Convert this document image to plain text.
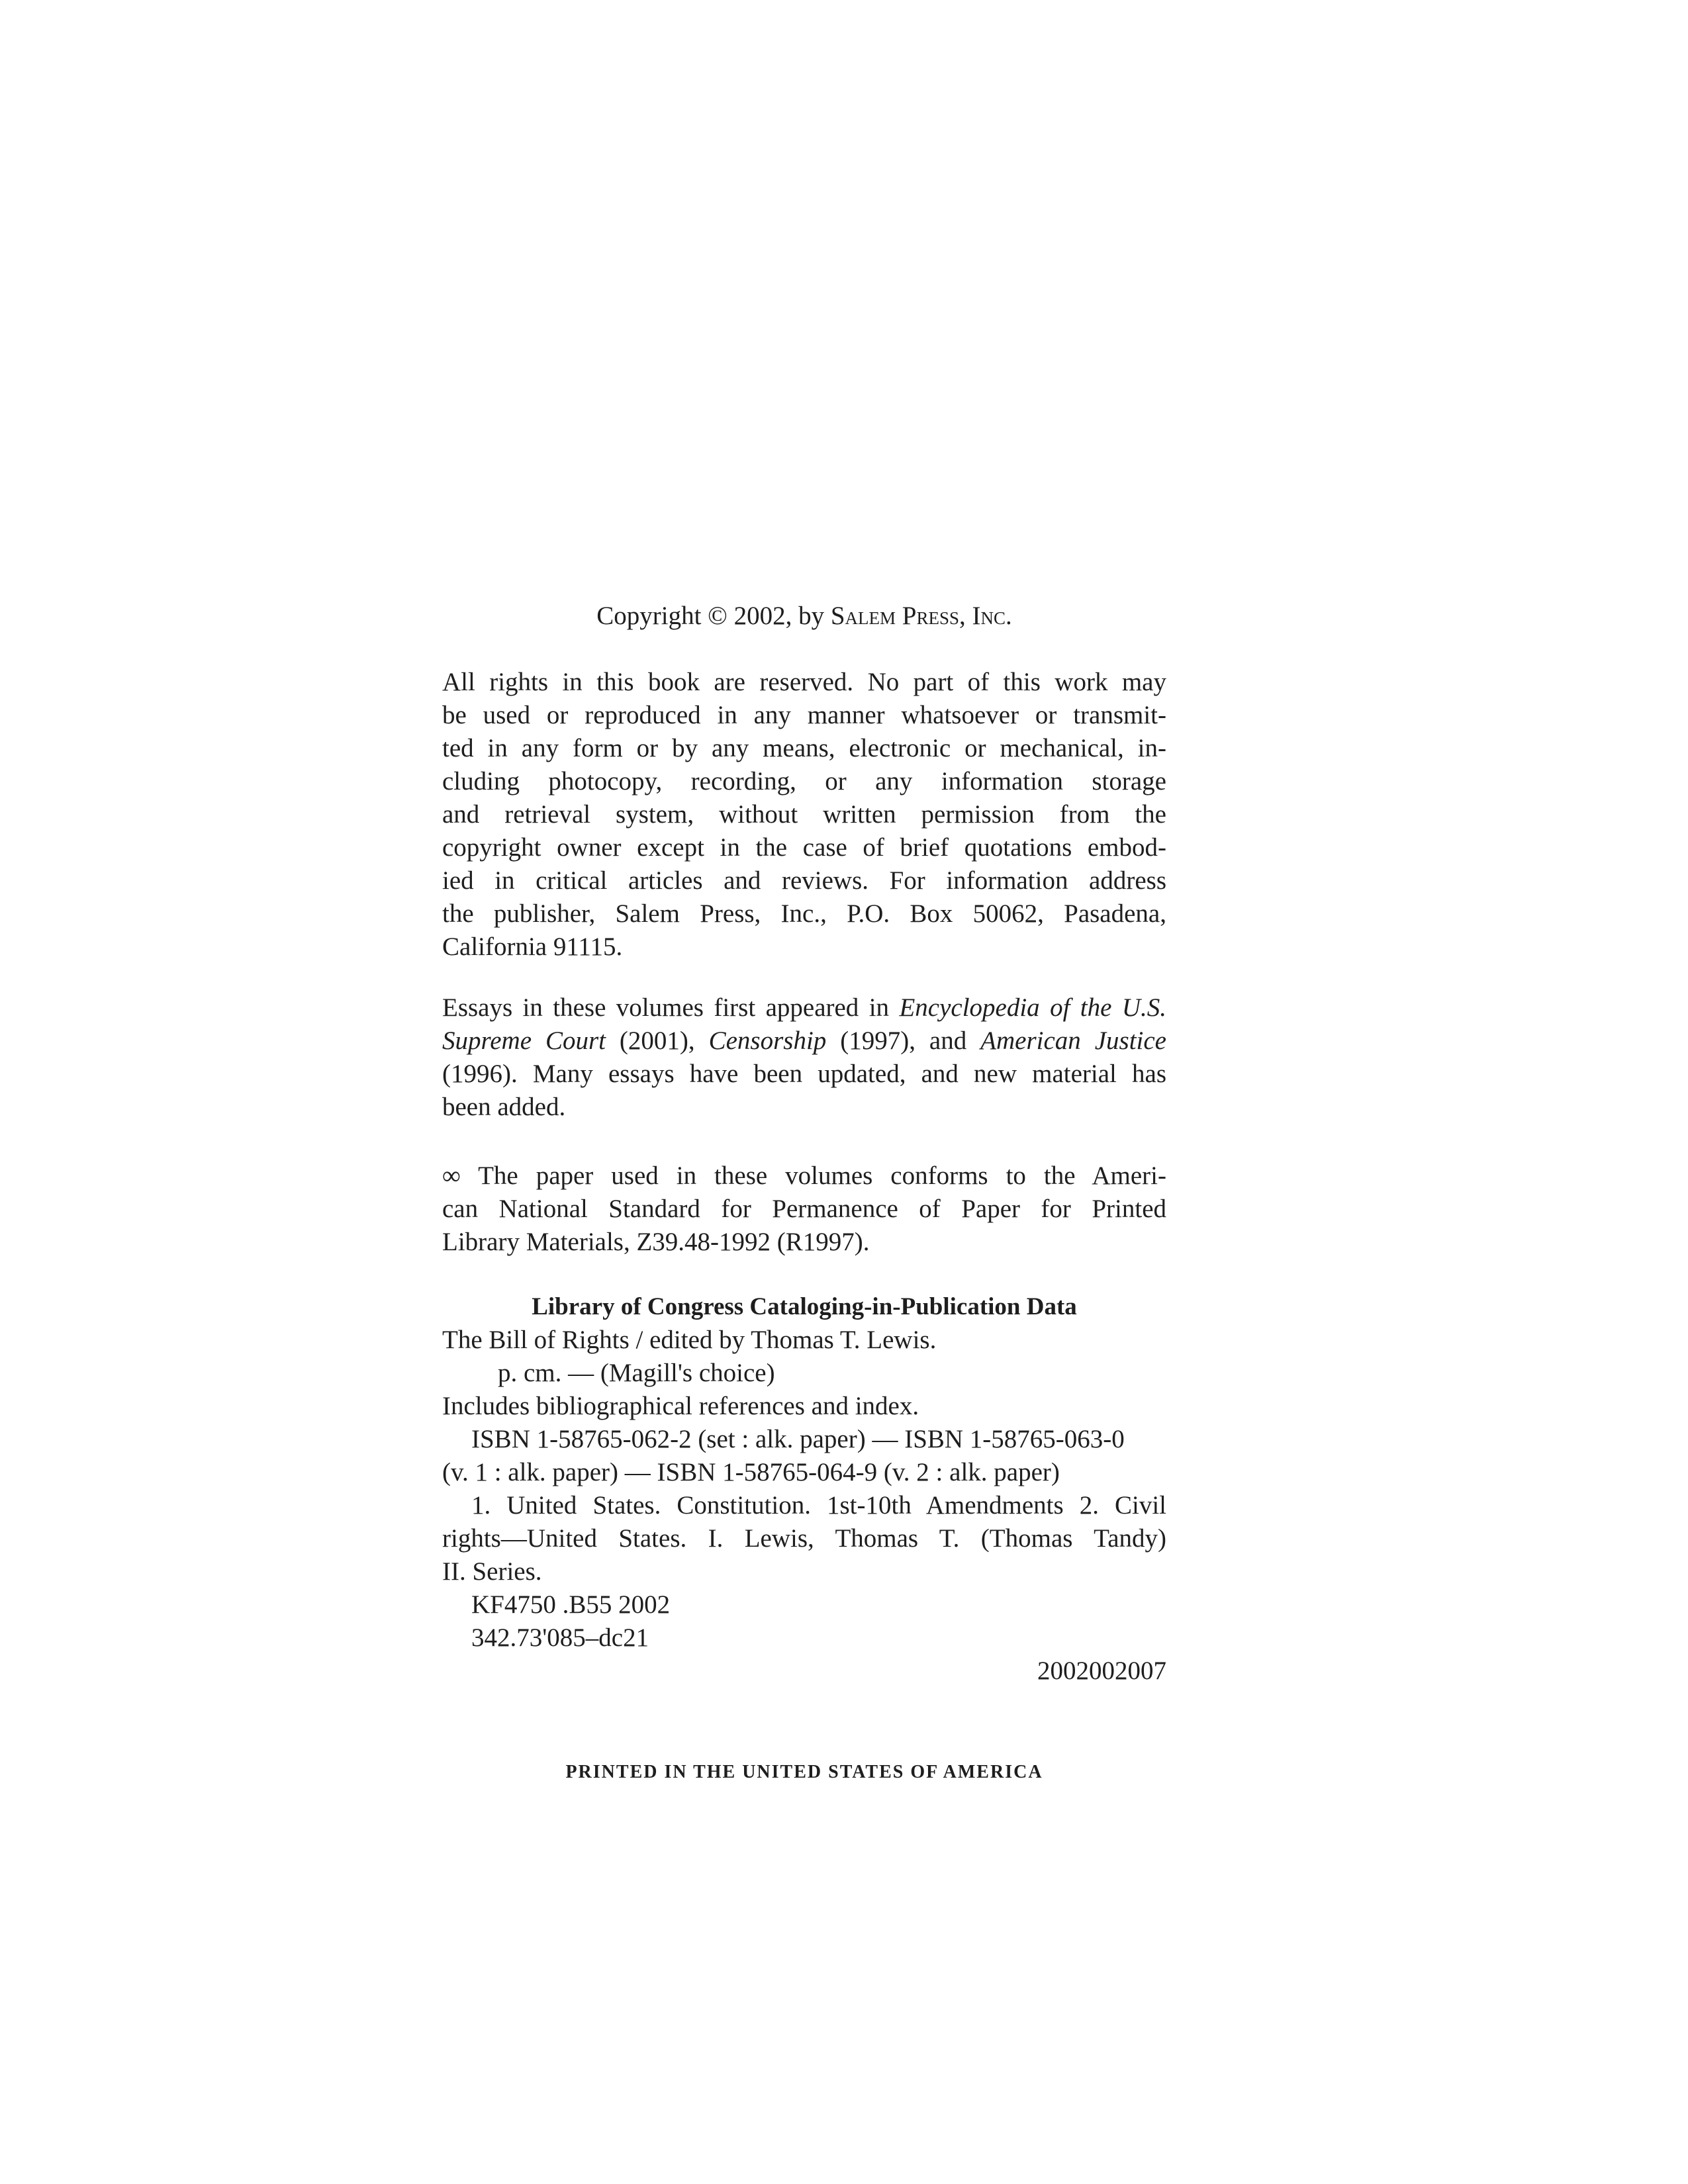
Copyright © 2002, by Salem Press, Inc.
All rights in this book are reserved. No part of this work may
be used or reproduced in any manner whatsoever or transmit-
ted in any form or by any means, electronic or mechanical, in-
cluding photocopy, recording, or any information storage
and retrieval system, without written permission from the
copyright owner except in the case of brief quotations embod-
ied in critical articles and reviews. For information address
the publisher, Salem Press, Inc., P.O. Box 50062, Pasadena,
California 91115.
Essays in these volumes first appeared in Encyclopedia of the U.S.
Supreme Court (2001), Censorship (1997), and American Justice
(1996). Many essays have been updated, and new material has
been added.
∞ The paper used in these volumes conforms to the Ameri-
can National Standard for Permanence of Paper for Printed
Library Materials, Z39.48-1992 (R1997).
Library of Congress Cataloging-in-Publication Data
The Bill of Rights / edited by Thomas T. Lewis.
p. cm. — (Magill's choice)
Includes bibliographical references and index.
ISBN 1-58765-062-2 (set : alk. paper) — ISBN 1-58765-063-0
(v. 1 : alk. paper) — ISBN 1-58765-064-9 (v. 2 : alk. paper)
1. United States. Constitution. 1st-10th Amendments 2. Civil
rights—United States. I. Lewis, Thomas T. (Thomas Tandy)
II. Series.
KF4750 .B55 2002
342.73'085–dc21
2002002007
PRINTED IN THE UNITED STATES OF AMERICA
